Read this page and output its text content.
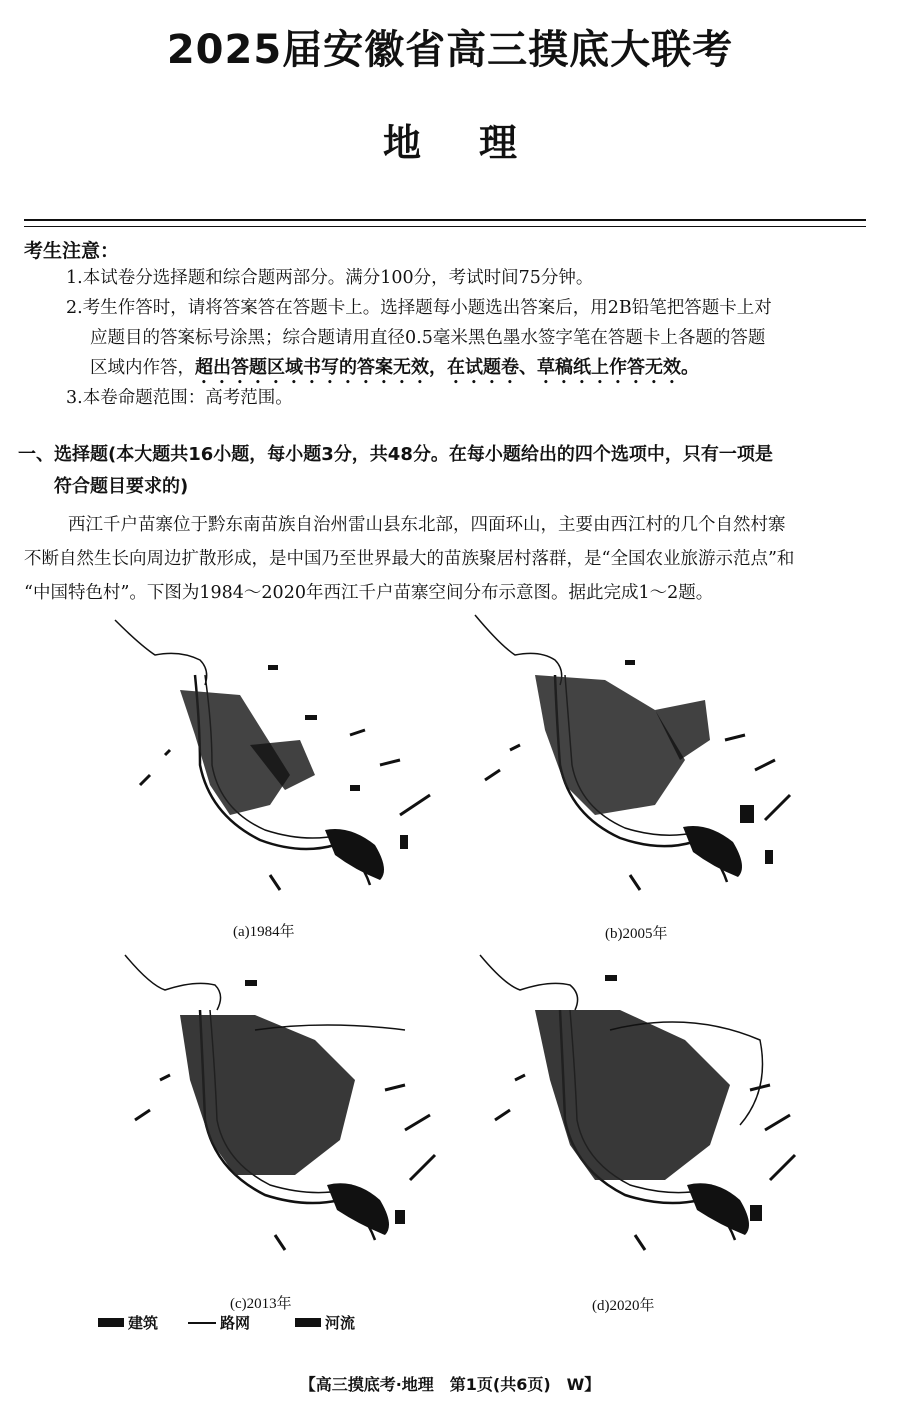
2025届安徽省高三摸底大联考
地理
考生注意：
1.本试卷分选择题和综合题两部分。满分100分，考试时间75分钟。
2.考生作答时，请将答案答在答题卡上。选择题每小题选出答案后，用2B铅笔把答题卡上对
应题目的答案标号涂黑；综合题请用直径0.5毫米黑色墨水签字笔在答题卡上各题的答题
区域内作答，超出答题区域书写的答案无效，在试题卷、草稿纸上作答无效。
3.本卷命题范围：高考范围。
一、选择题(本大题共16小题，每小题3分，共48分。在每小题给出的四个选项中，只有一项是
符合题目要求的)
西江千户苗寨位于黔东南苗族自治州雷山县东北部，四面环山，主要由西江村的几个自然村寨
不断自然生长向周边扩散形成，是中国乃至世界最大的苗族聚居村落群，是“全国农业旅游示范点”和
“中国特色村”。下图为1984～2020年西江千户苗寨空间分布示意图。据此完成1～2题。
(a)1984年	(b)2005年
(c)2013年	(d)2020年
建筑	路网	河流
【高三摸底考·地理　第1页(共6页)　W】
